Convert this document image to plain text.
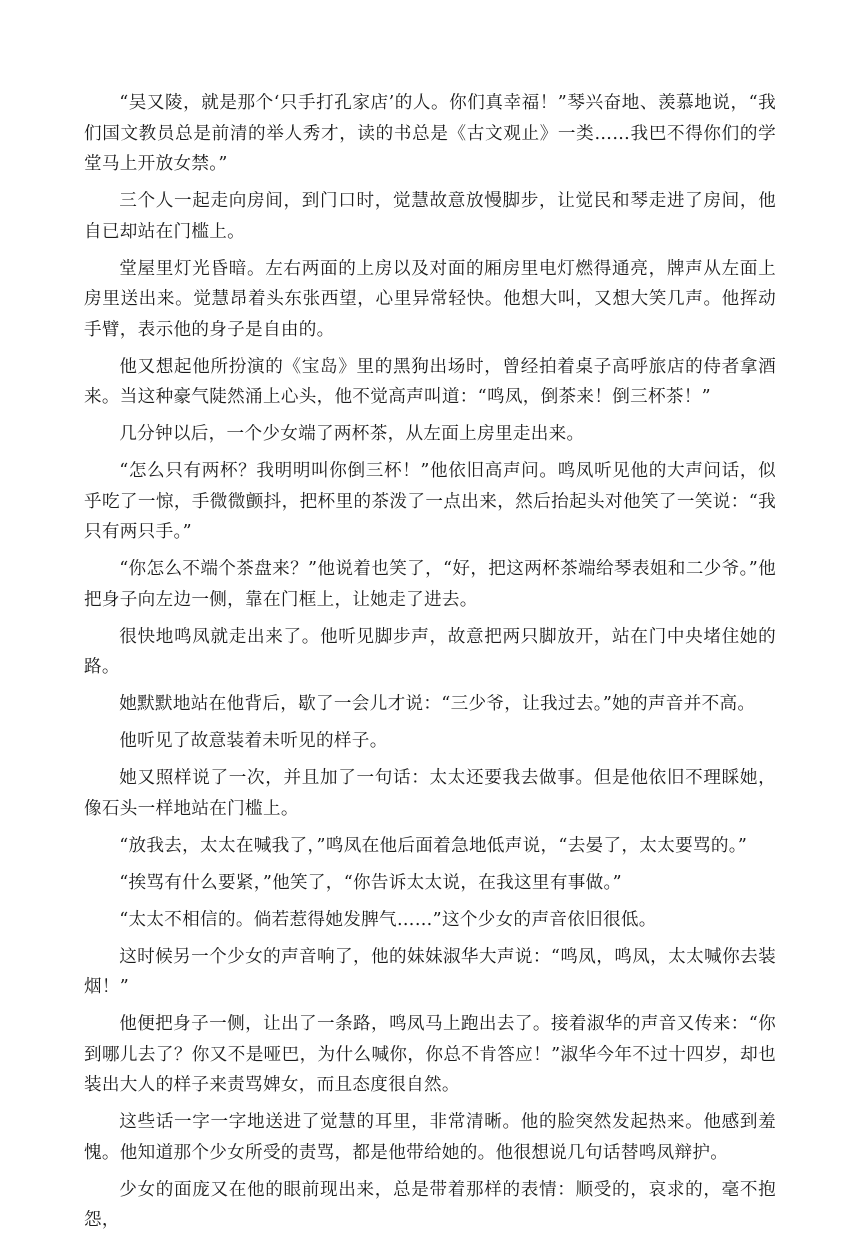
“吴又陵，就是那个‘只手打孔家店’的人。你们真幸福！”琴兴奋地、羡慕地说，“我们国文教员总是前清的举人秀才，读的书总是《古文观止》一类……我巴不得你们的学堂马上开放女禁。”

三个人一起走向房间，到门口时，觉慧故意放慢脚步，让觉民和琴走进了房间，他自已却站在门槛上。

堂屋里灯光昏暗。左右两面的上房以及对面的厢房里电灯燃得通亮，牌声从左面上房里送出来。觉慧昂着头东张西望，心里异常轻快。他想大叫，又想大笑几声。他挥动手臂，表示他的身子是自由的。

他又想起他所扮演的《宝岛》里的黑狗出场时，曾经拍着桌子高呼旅店的侍者拿酒来。当这种豪气陡然涌上心头，他不觉高声叫道：“鸣凤，倒茶来！倒三杯茶！”

几分钟以后，一个少女端了两杯茶，从左面上房里走出来。

“怎么只有两杯？我明明叫你倒三杯！”他依旧高声问。鸣凤听见他的大声问话，似乎吃了一惊，手微微颤抖，把杯里的茶泼了一点出来，然后抬起头对他笑了一笑说：“我只有两只手。”

“你怎么不端个茶盘来？”他说着也笑了，“好，把这两杯茶端给琴表姐和二少爷。”他把身子向左边一侧，靠在门框上，让她走了进去。

很快地鸣凤就走出来了。他听见脚步声，故意把两只脚放开，站在门中央堵住她的路。

她默默地站在他背后，歇了一会儿才说：“三少爷，让我过去。”她的声音并不高。

他听见了故意装着未听见的样子。

她又照样说了一次，并且加了一句话：太太还要我去做事。但是他依旧不理睬她，像石头一样地站在门槛上。

“放我去，太太在喊我了，”鸣凤在他后面着急地低声说，“去晏了，太太要骂的。”

“挨骂有什么要紧，”他笑了，“你告诉太太说，在我这里有事做。”

“太太不相信的。倘若惹得她发脾气……”这个少女的声音依旧很低。

这时候另一个少女的声音响了，他的妹妹淑华大声说：“鸣凤，鸣凤，太太喊你去装烟！”

他便把身子一侧，让出了一条路，鸣凤马上跑出去了。接着淑华的声音又传来：“你到哪儿去了？你又不是哑巴，为什么喊你，你总不肯答应！”淑华今年不过十四岁，却也装出大人的样子来责骂婢女，而且态度很自然。

这些话一字一字地送进了觉慧的耳里，非常清晰。他的脸突然发起热来。他感到羞愧。他知道那个少女所受的责骂，都是他带给她的。他很想说几句话替鸣凤辩护。

少女的面庞又在他的眼前现出来，总是带着那样的表情：顺受的，哀求的，毫不抱怨，
